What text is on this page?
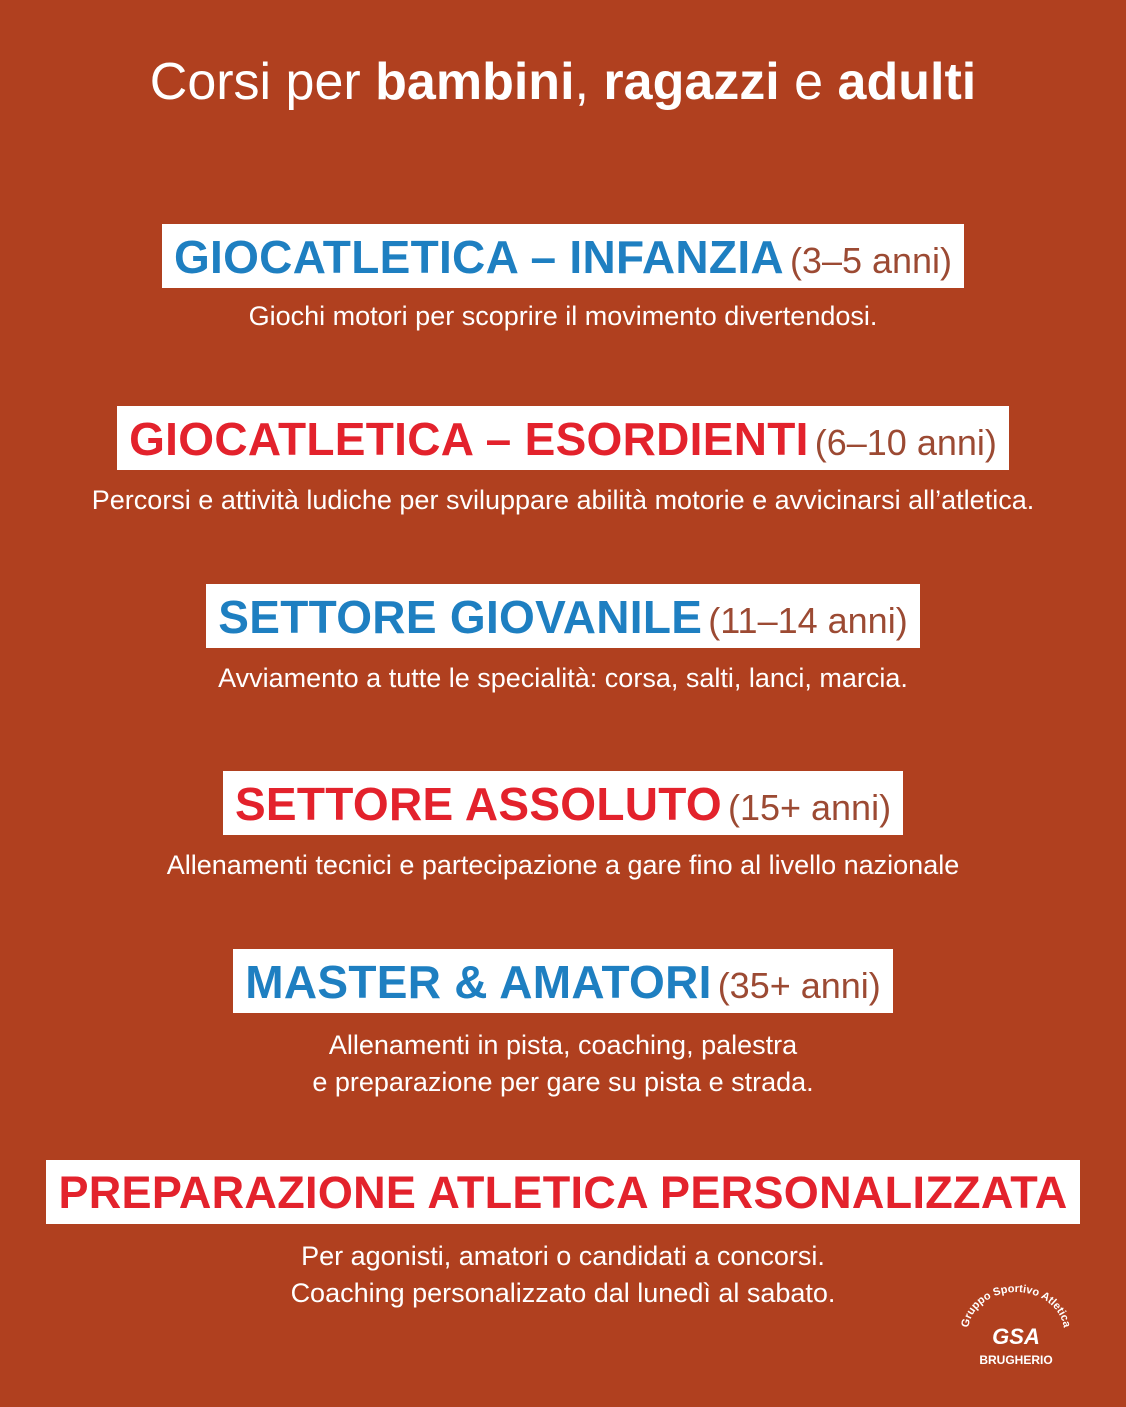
Corsi per bambini, ragazzi e adulti
GIOCATLETICA – INFANZIA (3–5 anni)
Giochi motori per scoprire il movimento divertendosi.
GIOCATLETICA – ESORDIENTI (6–10 anni)
Percorsi e attività ludiche per sviluppare abilità motorie e avvicinarsi all’atletica.
SETTORE GIOVANILE (11–14 anni)
Avviamento a tutte le specialità: corsa, salti, lanci, marcia.
SETTORE ASSOLUTO (15+ anni)
Allenamenti tecnici e partecipazione a gare fino al livello nazionale
MASTER & AMATORI (35+ anni)
Allenamenti in pista, coaching, palestra
e preparazione per gare su pista e strada.
PREPARAZIONE ATLETICA PERSONALIZZATA
Per agonisti, amatori o candidati a concorsi.
Coaching personalizzato dal lunedì al sabato.
Gruppo Sportivo Atletica
GSA
BRUGHERIO
